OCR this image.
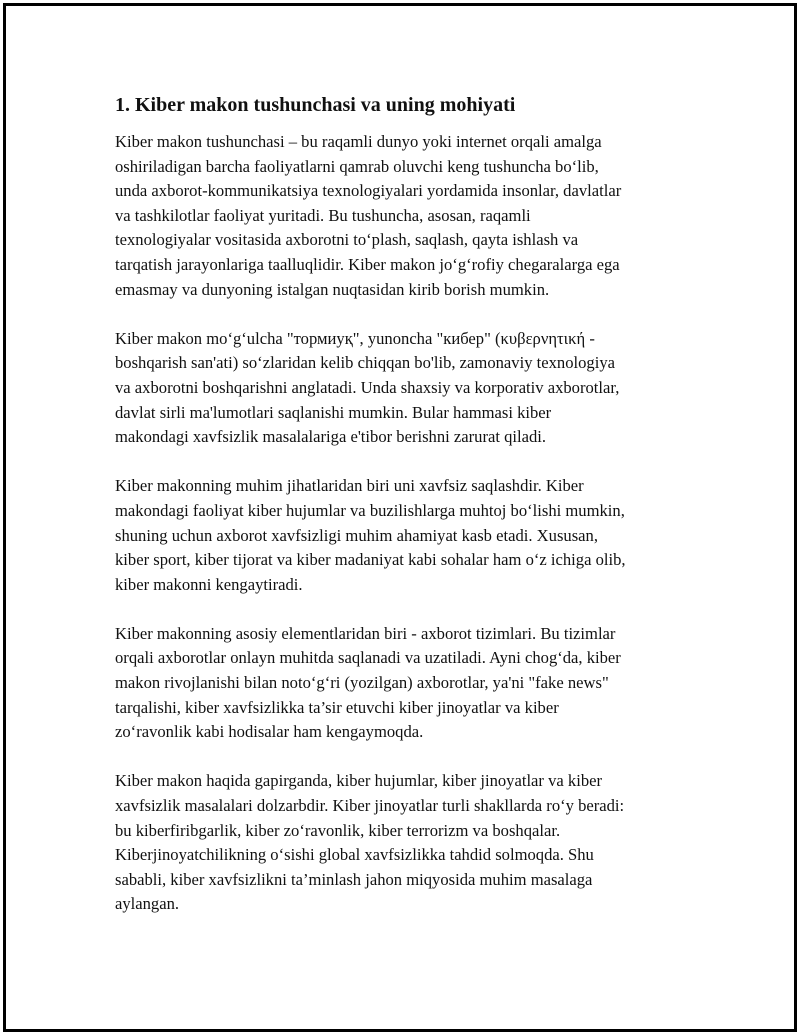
1. Kiber makon tushunchasi va uning mohiyati

Kiber makon tushunchasi – bu raqamli dunyo yoki internet orqali amalga
oshiriladigan barcha faoliyatlarni qamrab oluvchi keng tushuncha bo‘lib,
unda axborot-kommunikatsiya texnologiyalari yordamida insonlar, davlatlar
va tashkilotlar faoliyat yuritadi. Bu tushuncha, asosan, raqamli
texnologiyalar vositasida axborotni to‘plash, saqlash, qayta ishlash va
tarqatish jarayonlariga taalluqlidir. Kiber makon jo‘g‘rofiy chegaralarga ega
emasmay va dunyoning istalgan nuqtasidan kirib borish mumkin.

Kiber makon mo‘g‘ulcha "тормиуқ", yunoncha "кибер" (κυβερνητική -
boshqarish san'ati) so‘zlaridan kelib chiqqan bo'lib, zamonaviy texnologiya
va axborotni boshqarishni anglatadi. Unda shaxsiy va korporativ axborotlar,
davlat sirli ma'lumotlari saqlanishi mumkin. Bular hammasi kiber
makondagi xavfsizlik masalalariga e'tibor berishni zarurat qiladi.

Kiber makonning muhim jihatlaridan biri uni xavfsiz saqlashdir. Kiber
makondagi faoliyat kiber hujumlar va buzilishlarga muhtoj bo‘lishi mumkin,
shuning uchun axborot xavfsizligi muhim ahamiyat kasb etadi. Xususan,
kiber sport, kiber tijorat va kiber madaniyat kabi sohalar ham o‘z ichiga olib,
kiber makonni kengaytiradi.

Kiber makonning asosiy elementlaridan biri - axborot tizimlari. Bu tizimlar
orqali axborotlar onlayn muhitda saqlanadi va uzatiladi. Ayni chog‘da, kiber
makon rivojlanishi bilan noto‘g‘ri (yozilgan) axborotlar, ya'ni "fake news"
tarqalishi, kiber xavfsizlikka ta’sir etuvchi kiber jinoyatlar va kiber
zo‘ravonlik kabi hodisalar ham kengaymoqda.

Kiber makon haqida gapirganda, kiber hujumlar, kiber jinoyatlar va kiber
xavfsizlik masalalari dolzarbdir. Kiber jinoyatlar turli shakllarda ro‘y beradi:
bu kiberfiribgarlik, kiber zo‘ravonlik, kiber terrorizm va boshqalar.
Kiberjinoyatchilikning o‘sishi global xavfsizlikka tahdid solmoqda. Shu
sababli, kiber xavfsizlikni ta’minlash jahon miqyosida muhim masalaga
aylangan.
